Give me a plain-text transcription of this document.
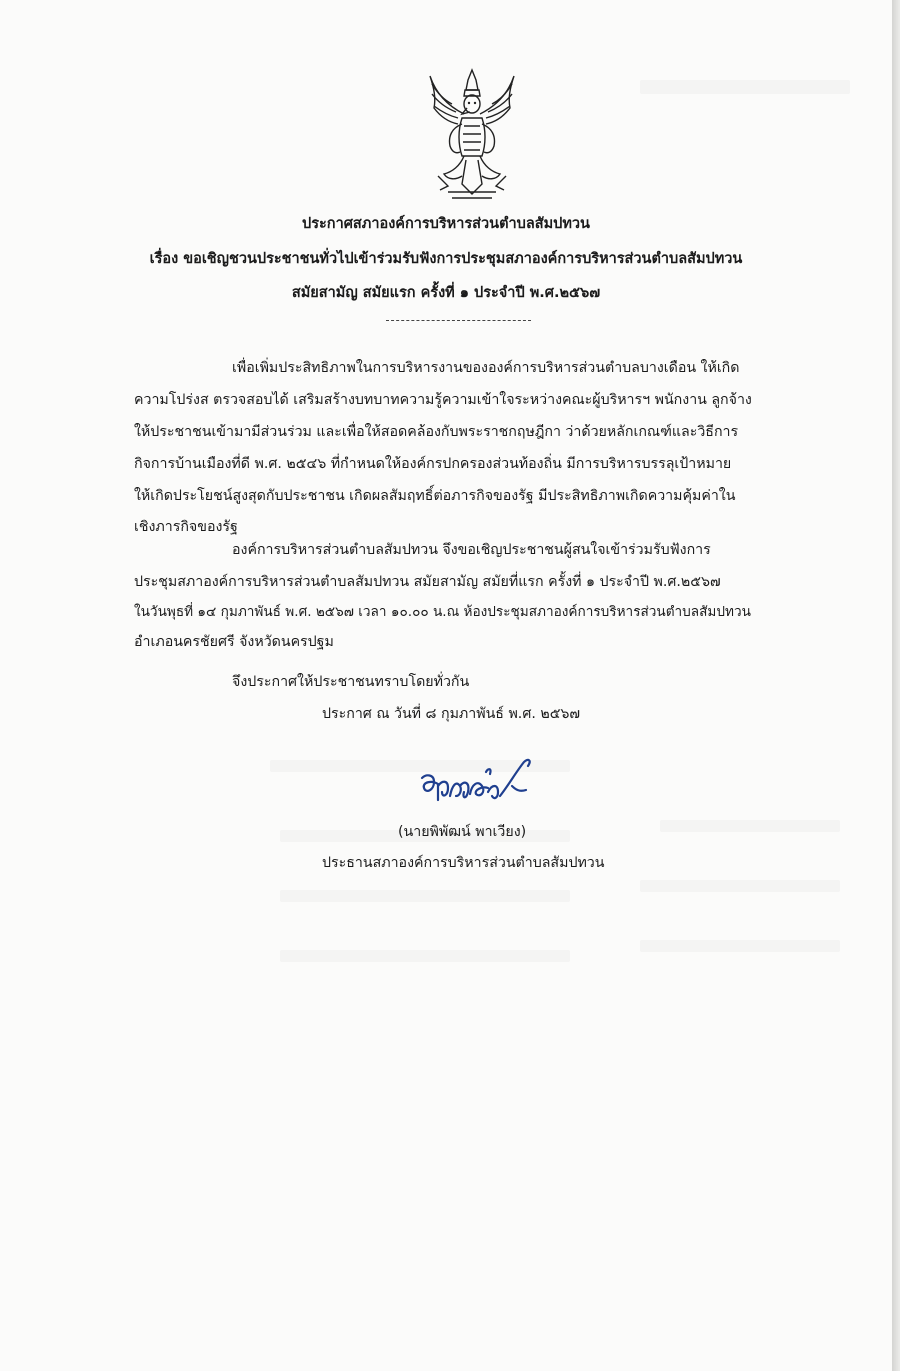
ประกาศสภาองค์การบริหารส่วนตำบลสัมปทวน
เรื่อง ขอเชิญชวนประชาชนทั่วไปเข้าร่วมรับฟังการประชุมสภาองค์การบริหารส่วนตำบลสัมปทวน
สมัยสามัญ สมัยแรก ครั้งที่ ๑ ประจำปี พ.ศ.๒๕๖๗
เพื่อเพิ่มประสิทธิภาพในการบริหารงานขององค์การบริหารส่วนตำบลบางเดือน ให้เกิด
ความโปร่งส ตรวจสอบได้ เสริมสร้างบทบาทความรู้ความเข้าใจระหว่างคณะผู้บริหารฯ พนักงาน ลูกจ้าง
ให้ประชาชนเข้ามามีส่วนร่วม และเพื่อให้สอดคล้องกับพระราชกฤษฎีกา ว่าด้วยหลักเกณฑ์และวิธีการ
กิจการบ้านเมืองที่ดี พ.ศ. ๒๕๔๖ ที่กำหนดให้องค์กรปกครองส่วนท้องถิ่น มีการบริหารบรรลุเป้าหมาย
ให้เกิดประโยชน์สูงสุดกับประชาชน เกิดผลสัมฤทธิ์ต่อภารกิจของรัฐ มีประสิทธิภาพเกิดความคุ้มค่าใน
เชิงภารกิจของรัฐ
องค์การบริหารส่วนตำบลสัมปทวน จึงขอเชิญประชาชนผู้สนใจเข้าร่วมรับฟังการ
ประชุมสภาองค์การบริหารส่วนตำบลสัมปทวน สมัยสามัญ สมัยที่แรก ครั้งที่ ๑ ประจำปี พ.ศ.๒๕๖๗
ในวันพุธที่ ๑๔ กุมภาพันธ์ พ.ศ. ๒๕๖๗ เวลา ๑๐.๐๐ น.ณ ห้องประชุมสภาองค์การบริหารส่วนตำบลสัมปทวน
อำเภอนครชัยศรี จังหวัดนครปฐม
จึงประกาศให้ประชาชนทราบโดยทั่วกัน
ประกาศ ณ วันที่ ๘ กุมภาพันธ์ พ.ศ. ๒๕๖๗
(นายพิพัฒน์ พาเวียง)
ประธานสภาองค์การบริหารส่วนตำบลสัมปทวน
